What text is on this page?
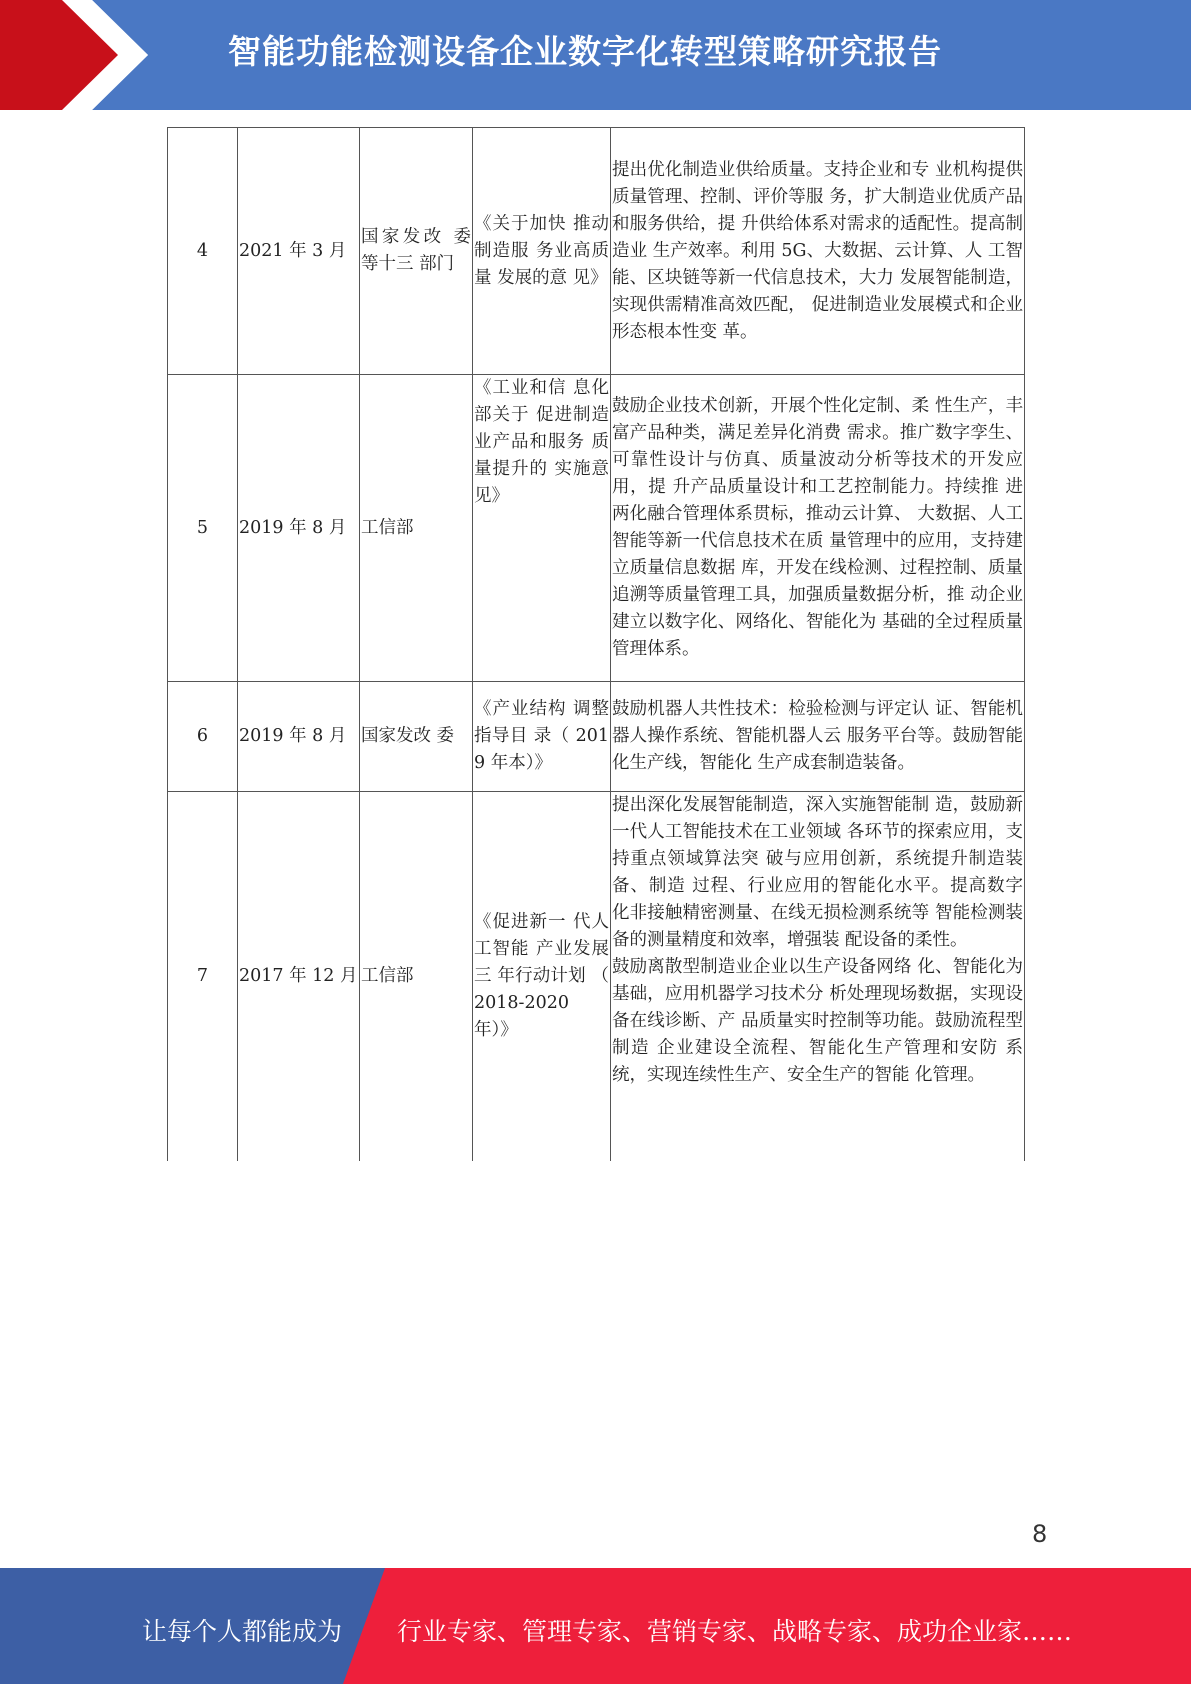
智能功能检测设备企业数字化转型策略研究报告
4	2021 年 3 月	国家发改 委等十三 部门	《关于加快 推动制造服 务业高质量 发展的意 见》	提出优化制造业供给质量。支持企业和专 业机构提供质量管理、控制、评价等服 务，扩大制造业优质产品和服务供给，提 升供给体系对需求的适配性。提高制造业 生产效率。利用 5G、大数据、云计算、人 工智能、区块链等新一代信息技术，大力 发展智能制造，实现供需精准高效匹配， 促进制造业发展模式和企业形态根本性变 革。
5	2019 年 8 月	工信部	《工业和信 息化部关于 促进制造业产品和服务 质量提升的 实施意见》	鼓励企业技术创新，开展个性化定制、柔 性生产，丰富产品种类，满足差异化消费 需求。推广数字孪生、可靠性设计与仿真、质量波动分析等技术的开发应用，提 升产品质量设计和工艺控制能力。持续推 进两化融合管理体系贯标，推动云计算、 大数据、人工智能等新一代信息技术在质 量管理中的应用，支持建立质量信息数据 库，开发在线检测、过程控制、质量追溯等质量管理工具，加强质量数据分析，推 动企业建立以数字化、网络化、智能化为 基础的全过程质量管理体系。
6	2019 年 8 月	国家发改 委	《产业结构 调整指导目 录（ 2019 年本）》	鼓励机器人共性技术：检验检测与评定认 证、智能机器人操作系统、智能机器人云 服务平台等。鼓励智能化生产线，智能化 生产成套制造装备。
7	2017 年 12 月	工信部	《促进新一 代人工智能 产业发展三 年行动计划 （ 2018-2020 年）》	提出深化发展智能制造，深入实施智能制 造，鼓励新一代人工智能技术在工业领域 各环节的探索应用，支持重点领域算法突 破与应用创新，系统提升制造装备、制造 过程、行业应用的智能化水平。提高数字 化非接触精密测量、在线无损检测系统等 智能检测装备的测量精度和效率，增强装 配设备的柔性。
鼓励离散型制造业企业以生产设备网络 化、智能化为基础，应用机器学习技术分 析处理现场数据，实现设备在线诊断、产 品质量实时控制等功能。鼓励流程型制造 企业建设全流程、智能化生产管理和安防 系统，实现连续性生产、安全生产的智能 化管理。
8
让每个人都能成为 行业专家、管理专家、营销专家、战略专家、成功企业家……
